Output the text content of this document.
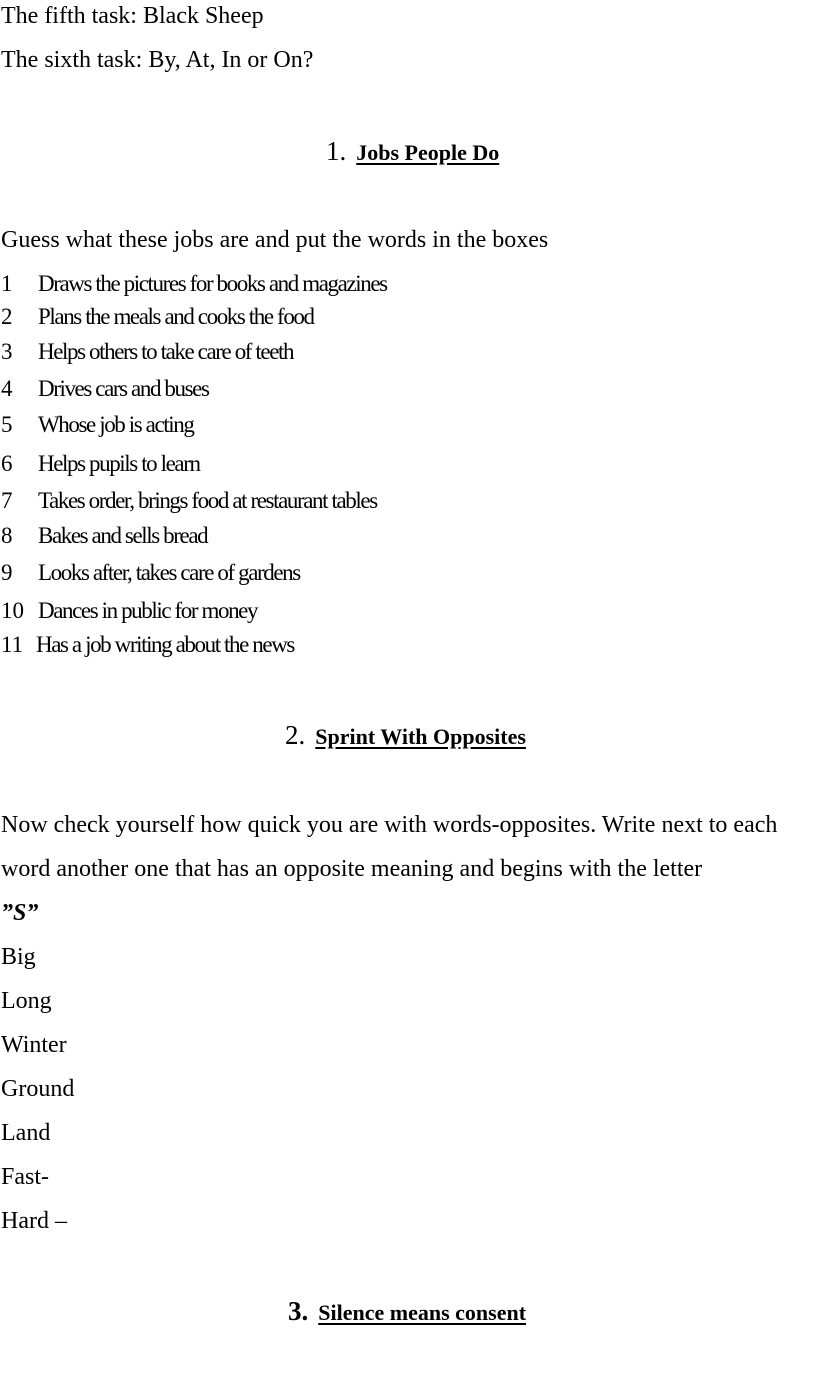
The fifth task: Black Sheep
The sixth task: By, At, In or On?
1. Jobs People Do
Guess what these jobs are and put the words in the boxes
1 Draws the pictures for books and magazines
2 Plans the meals and cooks the food
3 Helps others to take care of teeth
4 Drives cars and buses
5 Whose job is acting
6 Helps pupils to learn
7 Takes order, brings food at restaurant tables
8 Bakes and sells bread
9 Looks after, takes care of gardens
10 Dances in public for money
11 Has a job writing about the news
2. Sprint With Opposites
Now check yourself how quick you are with words-opposites. Write next to each word another one that has an opposite meaning and begins with the letter
”S”
Big
Long
Winter
Ground
Land
Fast-
Hard –
3. Silence means consent
